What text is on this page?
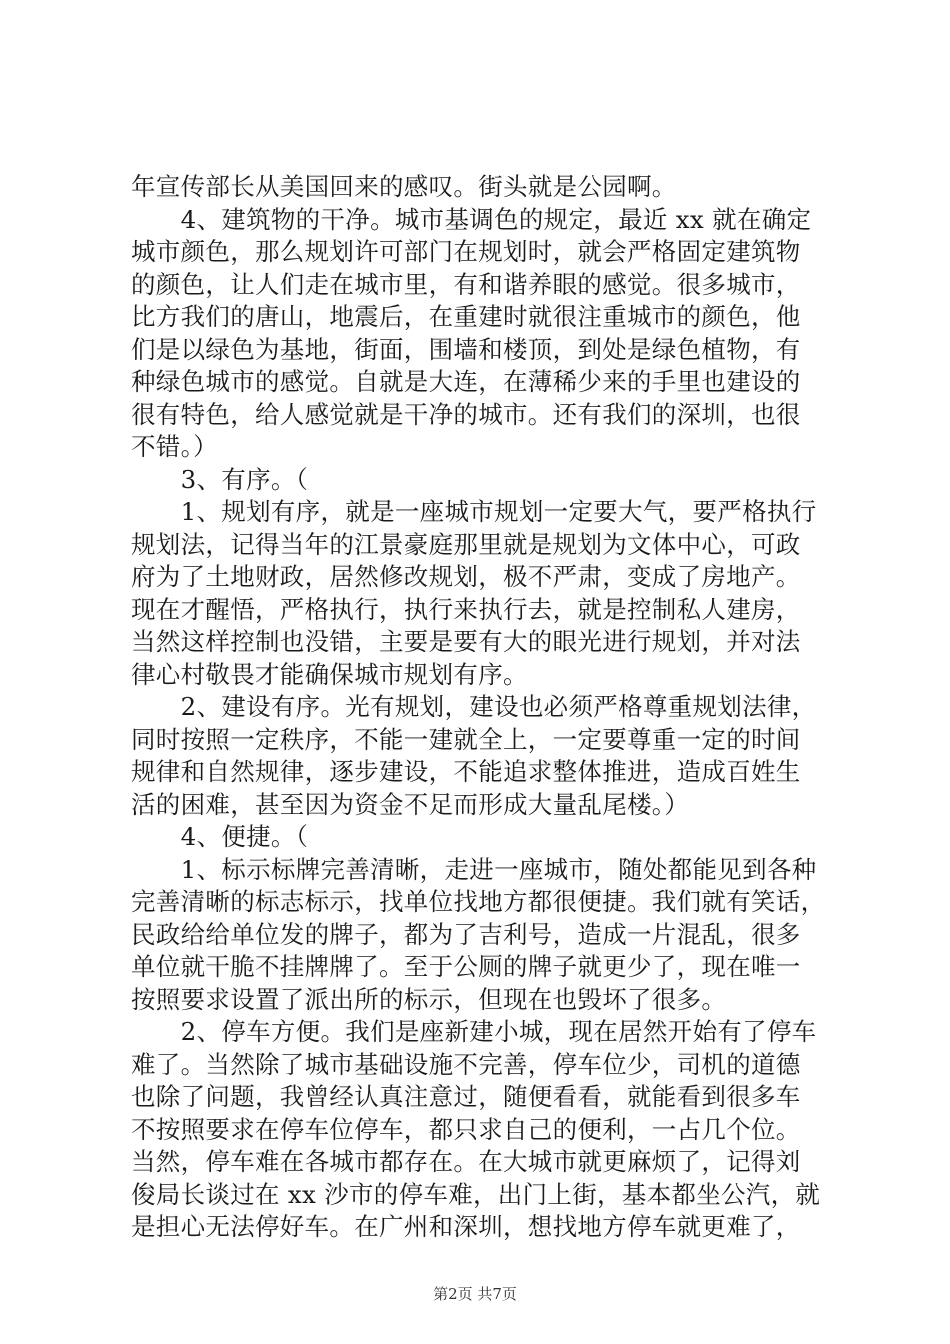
年宣传部长从美国回来的感叹。街头就是公园啊。
　　4、建筑物的干净。城市基调色的规定，最近 xx 就在确定
城市颜色，那么规划许可部门在规划时，就会严格固定建筑物
的颜色，让人们走在城市里，有和谐养眼的感觉。很多城市，
比方我们的唐山，地震后，在重建时就很注重城市的颜色，他
们是以绿色为基地，街面，围墙和楼顶，到处是绿色植物，有
种绿色城市的感觉。自就是大连，在薄稀少来的手里也建设的
很有特色，给人感觉就是干净的城市。还有我们的深圳，也很
不错。）
　　3、有序。（
　　1、规划有序，就是一座城市规划一定要大气，要严格执行
规划法，记得当年的江景豪庭那里就是规划为文体中心，可政
府为了土地财政，居然修改规划，极不严肃，变成了房地产。
现在才醒悟，严格执行，执行来执行去，就是控制私人建房，
当然这样控制也没错，主要是要有大的眼光进行规划，并对法
律心村敬畏才能确保城市规划有序。
　　2、建设有序。光有规划，建设也必须严格尊重规划法律，
同时按照一定秩序，不能一建就全上，一定要尊重一定的时间
规律和自然规律，逐步建设，不能追求整体推进，造成百姓生
活的困难，甚至因为资金不足而形成大量乱尾楼。）
　　4、便捷。（
　　1、标示标牌完善清晰，走进一座城市，随处都能见到各种
完善清晰的标志标示，找单位找地方都很便捷。我们就有笑话，
民政给给单位发的牌子，都为了吉利号，造成一片混乱，很多
单位就干脆不挂牌牌了。至于公厕的牌子就更少了，现在唯一
按照要求设置了派出所的标示，但现在也毁坏了很多。
　　2、停车方便。我们是座新建小城，现在居然开始有了停车
难了。当然除了城市基础设施不完善，停车位少，司机的道德
也除了问题，我曾经认真注意过，随便看看，就能看到很多车
不按照要求在停车位停车，都只求自己的便利，一占几个位。
当然，停车难在各城市都存在。在大城市就更麻烦了，记得刘
俊局长谈过在 xx 沙市的停车难，出门上街，基本都坐公汽，就
是担心无法停好车。在广州和深圳，想找地方停车就更难了，
第2页 共7页
